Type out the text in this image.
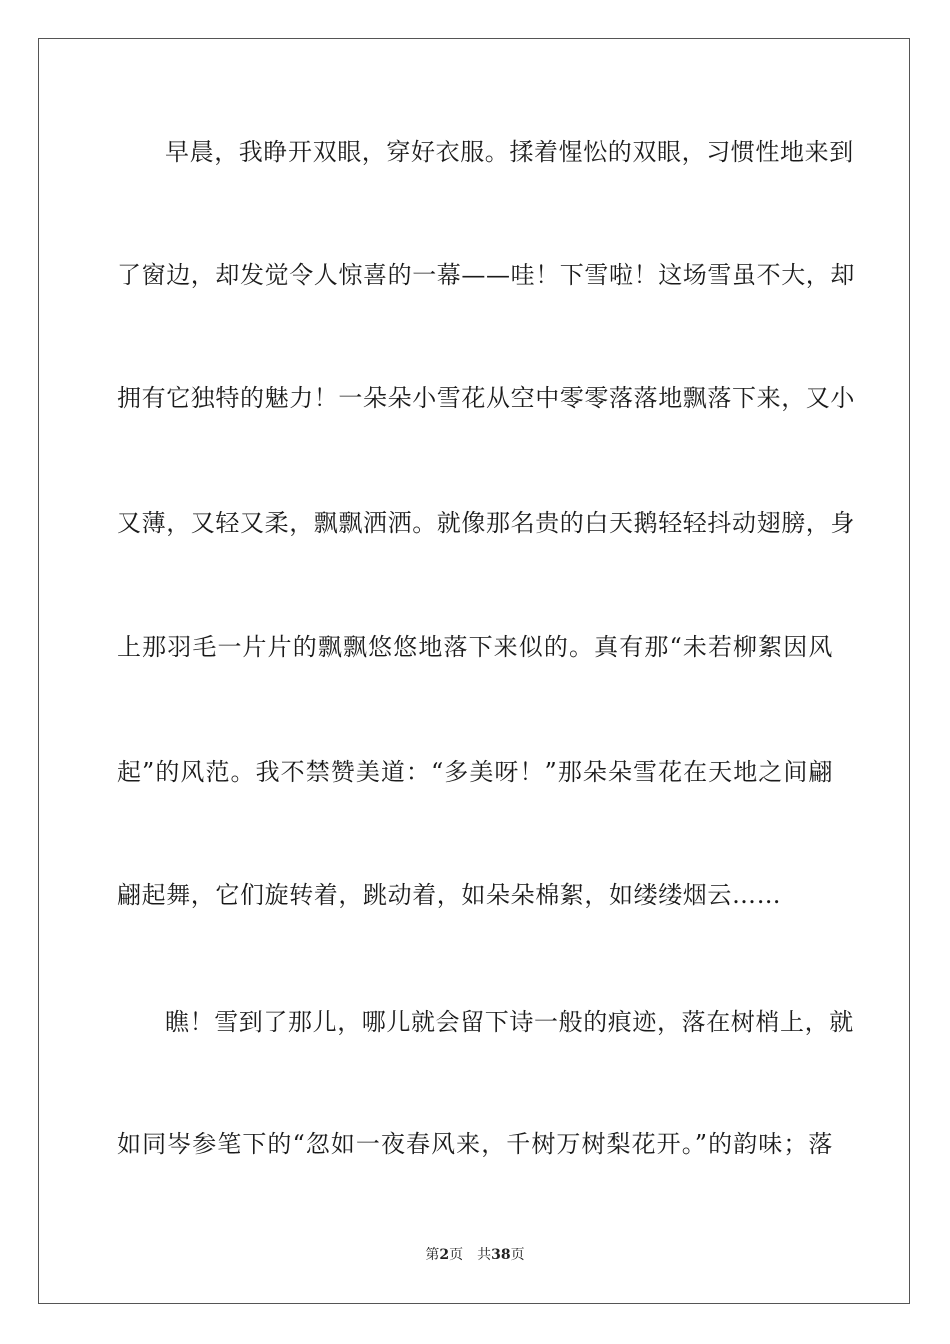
早晨，我睁开双眼，穿好衣服。揉着惺忪的双眼，习惯性地来到
了窗边，却发觉令人惊喜的一幕——哇！下雪啦！这场雪虽不大，却
拥有它独特的魅力！一朵朵小雪花从空中零零落落地飘落下来，又小
又薄，又轻又柔，飘飘洒洒。就像那名贵的白天鹅轻轻抖动翅膀，身
上那羽毛一片片的飘飘悠悠地落下来似的。真有那“未若柳絮因风
起”的风范。我不禁赞美道：“多美呀！”那朵朵雪花在天地之间翩
翩起舞，它们旋转着，跳动着，如朵朵棉絮，如缕缕烟云……
瞧！雪到了那儿，哪儿就会留下诗一般的痕迹，落在树梢上，就
如同岑参笔下的“忽如一夜春风来，千树万树梨花开。”的韵味；落
第2页 共38页
